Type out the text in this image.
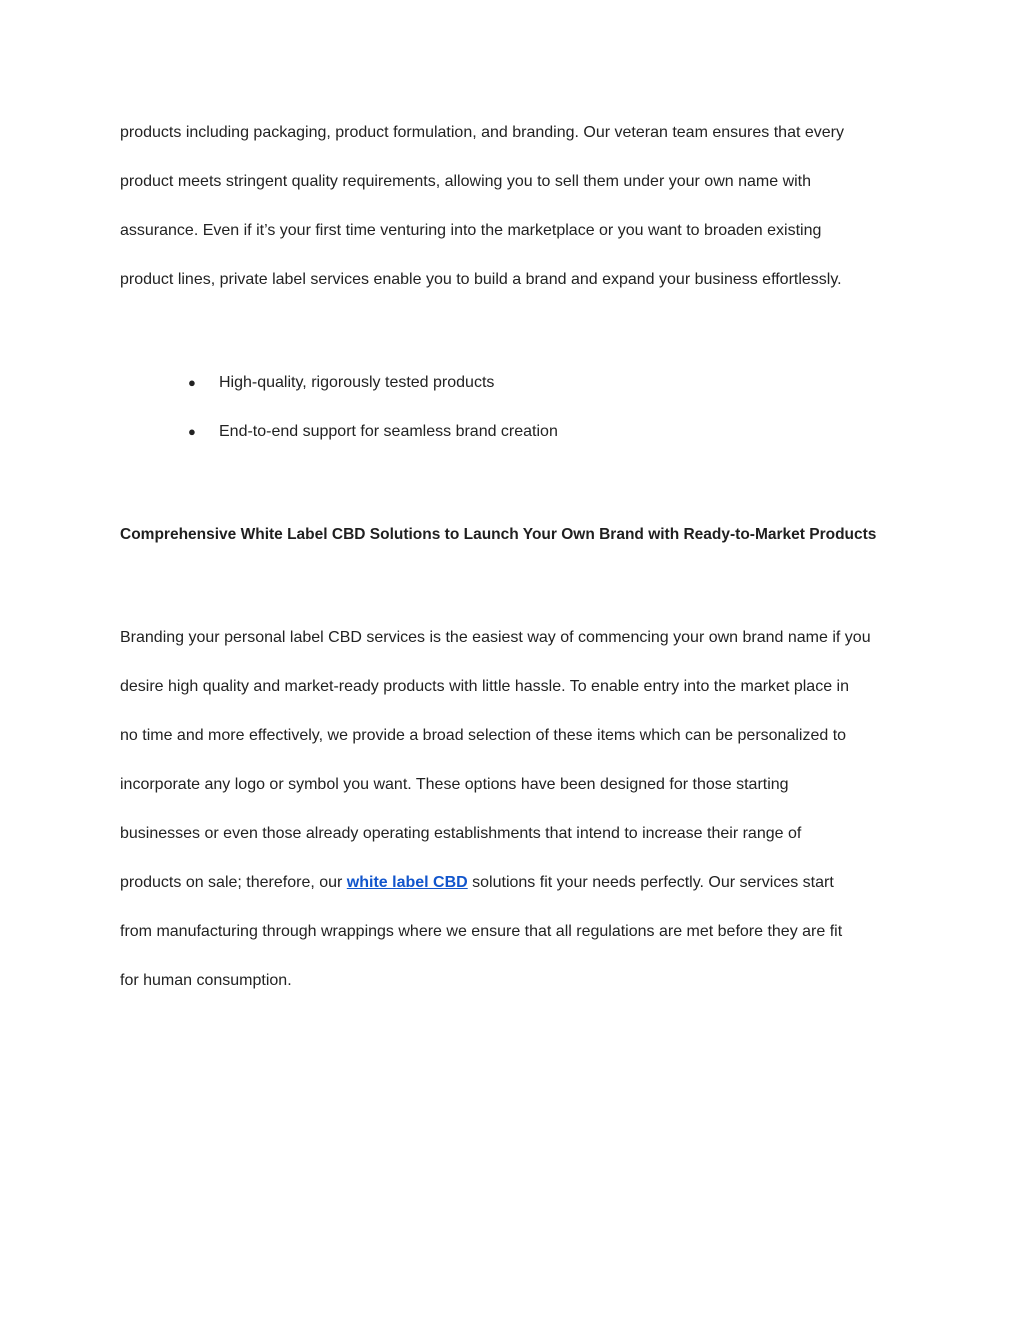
products including packaging, product formulation, and branding. Our veteran team ensures that every

product meets stringent quality requirements, allowing you to sell them under your own name with

assurance. Even if it’s your first time venturing into the marketplace or you want to broaden existing

product lines, private label services enable you to build a brand and expand your business effortlessly.

● High-quality, rigorously tested products
● End-to-end support for seamless brand creation
Comprehensive White Label CBD Solutions to Launch Your Own Brand with Ready-to-Market Products

Branding your personal label CBD services is the easiest way of commencing your own brand name if you

desire high quality and market-ready products with little hassle. To enable entry into the market place in

no time and more effectively, we provide a broad selection of these items which can be personalized to

incorporate any logo or symbol you want. These options have been designed for those starting

businesses or even those already operating establishments that intend to increase their range of

products on sale; therefore, our white label CBD solutions fit your needs perfectly. Our services start

from manufacturing through wrappings where we ensure that all regulations are met before they are fit

for human consumption.
